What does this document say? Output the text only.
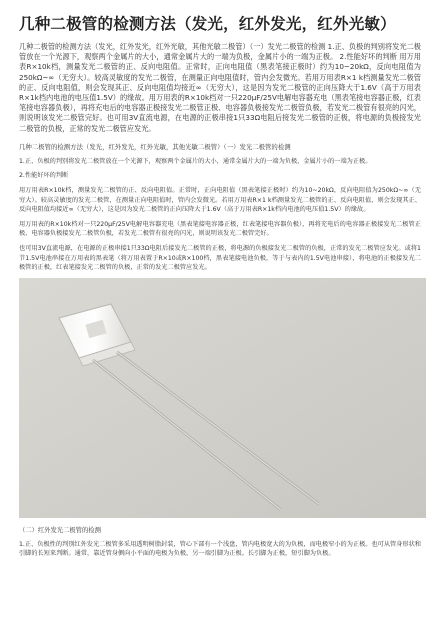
几种二极管的检测方法（发光，红外发光，红外光敏）
几种二极管的检测方法（发光，红外发光，红外光敏，其他光敏二极管）（一）发光二极管的检测 1.正、负极的判别将发光二极管放在一个光源下，观察两个金属片的大小，通常金属片大的一端为负极，金属片小的一端为正极。 2.性能好坏的判断 用万用表R×10k档，测量发光二极管的正、反向电阻值。正常时，正向电阻值（黑表笔接正极时）约为10~20kΩ，反向电阻值为250kΩ~∞（无穷大）。较高灵敏度的发光二极管，在测量正向电阻值时，管内会发微光。若用万用表R×1 k档测量发光二极管的正、反向电阻值，则会发现其正、反向电阻值均接近∞（无穷大），这是因为发光二极管的正向压降大于1.6V（高于万用表R×1k档内电池的电压值1.5V）的缘故。用万用表的R×10k档对一只220μF/25V电解电容器充电（黑表笔接电容器正极，红表笔接电容器负极），再将充电后的电容器正极接发光二极管正极、电容器负极接发光二极管负极，若发光二极管有很亮的闪光，则说明该发光二极管完好。也可用3V直流电源，在电源的正极串接1只33Ω电阻后接发光二极管的正极，将电源的负极接发光二极管的负极，正常的发光二极管应发光。
几种二极管的检测方法（发光，红外发光，红外光敏，其他光敏二极管）（一）发光二极管的检测
1.正、负极的判别将发光二极管放在一个光源下，观察两个金属片的大小，通常金属片大的一端为负极，金属片小的一端为正极。
2.性能好坏的判断
用万用表R×10k档，测量发光二极管的正、反向电阻值。正常时，正向电阻值（黑表笔接正极时）约为10~20kΩ，反向电阻值为250kΩ~∞（无穷大）。较高灵敏度的发光二极管，在测量正向电阻值时，管内会发微光。若用万用表R×1 k档测量发光二极管的正、反向电阻值，则会发现其正、反向电阻值均接近∞（无穷大），这是因为发光二极管的正向压降大于1.6V（高于万用表R×1k档内电池的电压值1.5V）的缘故。
用万用表的R×10k档对一只220μF/25V电解电容器充电（黑表笔接电容器正极，红表笔接电容器负极），再将充电后的电容器正极接发光二极管正极、电容器负极接发光二极管负极，若发光二极管有很亮的闪光，则说明该发光二极管完好。
也可用3V直流电源，在电源的正极串接1只33Ω电阻后接发光二极管的正极，将电源的负极接发光二极管的负极，正常的发光二极管应发光。或将1节1.5V电池串接在万用表的黑表笔（将万用表置于R×10或R×100档，黑表笔接电池负极，等于与表内的1.5V电池串接），将电池的正极接发光二极管的正极，红表笔接发光二极管的负极，正常的发光二极管应发光。
（二）红外发光二极管的检测
1.正、负极性的判别红外发光二极管多采用透明树脂封装，管心下部有一个浅盘，管内电极宽大的为负极，而电极窄小的为正极。也可从管身形状和引脚的长短来判断。通常，靠近管身侧向小平面的电极为负极，另一端引脚为正极。长引脚为正极，短引脚为负极。
